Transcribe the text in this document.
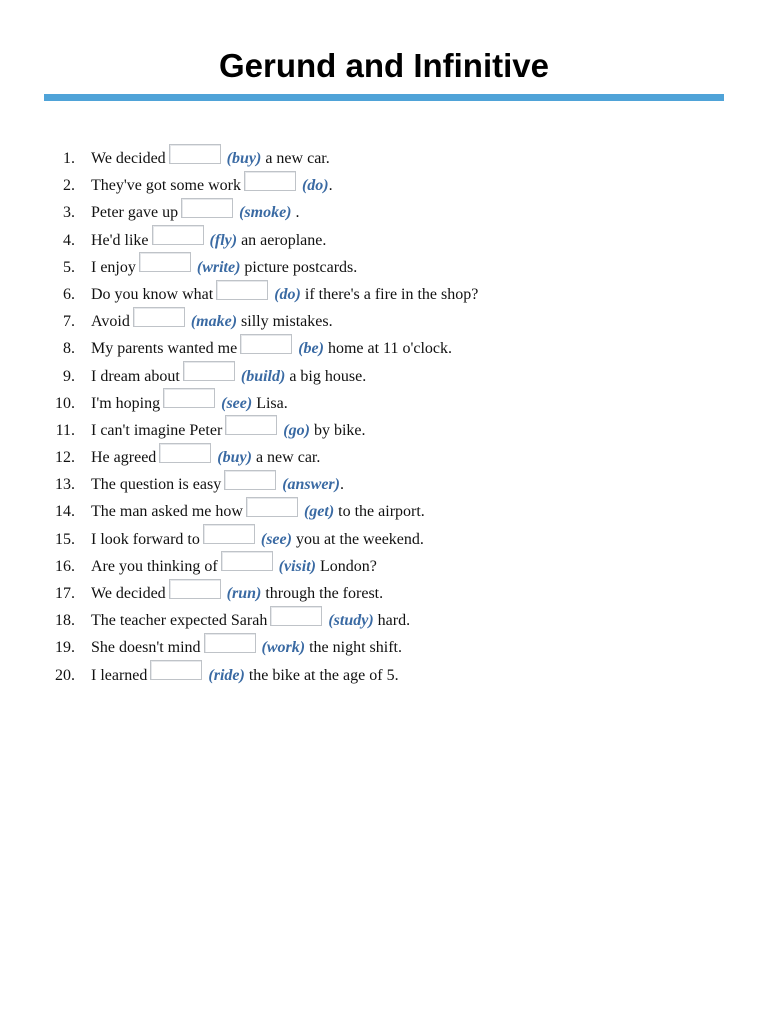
Gerund and Infinitive
1. We decided	(buy) a new car.
2. They've got some work	(do) .
3. Peter gave up	(smoke) .
4. He'd like	(fly) an aeroplane.
5. I enjoy	(write) picture postcards.
6. Do you know what	(do) if there's a fire in the shop?
7. Avoid	(make) silly mistakes.
8. My parents wanted me	(be) home at 11 o'clock.
9. I dream about	(build) a big house.
10. I'm hoping	(see) Lisa.
11. I can't imagine Peter	(go) by bike.
12. He agreed	(buy) a new car.
13. The question is easy	(answer) .
14. The man asked me how	(get) to the airport.
15. I look forward to	(see) you at the weekend.
16. Are you thinking of	(visit) London?
17. We decided	(run) through the forest.
18. The teacher expected Sarah	(study) hard.
19. She doesn't mind	(work) the night shift.
20. I learned	(ride) the bike at the age of 5.
